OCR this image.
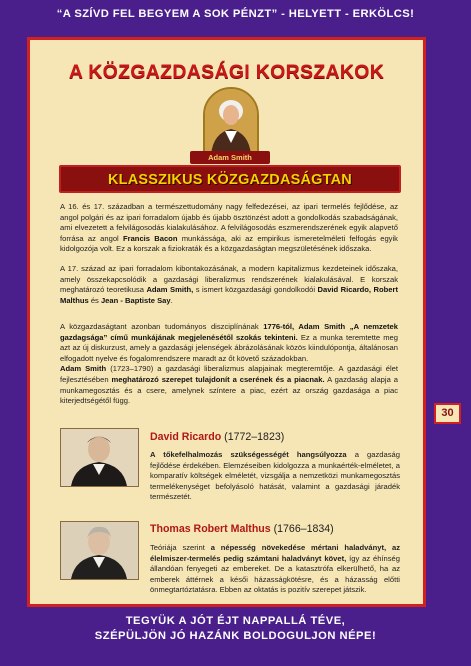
“A SZÍVD FEL BEGYEM A SOK PÉNZT” - HELYETT - ERKÖLCS!
A KÖZGAZDASÁGI KORSZAKOK
Adam Smith
KLASSZIKUS KÖZGAZDASÁGTAN
A 16. és 17. században a természettudomány nagy felfedezései, az ipari termelés fejlődése, az angol polgári és az ipari forradalom újabb és újabb ösztönzést adott a gondolkodás szabadságának, ami elvezetett a felvilágosodás kialakulásához. A felvilágosodás eszmerendszerének egyik alapvető forrása az angol Francis Bacon munkássága, aki az empirikus ismeretelméleti felfogás egyik kidolgozója volt. Ez a korszak a fiziokraták és a közgazdaságtan megszületésének időszaka.
A 17. század az ipari forradalom kibontakozásának, a modern kapitalizmus kezdeteinek időszaka, amely összekapcsolódik a gazdasági liberalizmus rendszerének kialakulásával. E korszak meghatározó teoretikusa Adam Smith, s ismert közgazdasági gondolkodói David Ricardo, Robert Malthus és Jean - Baptiste Say.
A közgazdaságtant azonban tudományos diszciplínának 1776-tól, Adam Smith „A nemzetek gazdagsága” című munkájának megjelenésétől szokás tekinteni. Ez a munka teremtette meg azt az új diskurzust, amely a gazdasági jelenségek ábrázolásának közös kiindulópontja, általánosan elfogadott nyelve és fogalomrendszere maradt az őt követő századokban.
Adam Smith (1723–1790) a gazdasági liberalizmus alapjainak megteremtője. A gazdasági élet fejlesztésében meghatározó szerepet tulajdonít a cserének és a piacnak. A gazdaság alapja a munkamegosztás és a csere, amelynek színtere a piac, ezért az ország gazdasága a piac kiterjedtségétől függ.
David Ricardo (1772–1823)
A tőkefelhalmozás szükségességét hangsúlyozza a gazdaság fejlődése érdekében. Elemzéseiben kidolgozza a munkaérték-elméletet, a komparatív költségek elméletét, vizsgálja a nemzetközi munkamegosztás termelékenységet befolyásoló hatását, valamint a gazdasági járadék természetét.
Thomas Robert Malthus (1766–1834)
Teóriája szerint a népesség növekedése mértani haladványt, az élelmiszer-termelés pedig számtani haladványt követ, így az éhínség állandóan fenyegeti az embereket. De a katasztrófa elkerülhető, ha az emberek áttérnek a késői házasságkötésre, és a házasság előtti önmegtartóztatásra. Ebben az oktatás is pozitív szerepet játszik.
30
TEGYÜK A JÓT ÉJT NAPPALLÁ TÉVE,
SZÉPÜLJÖN JÓ HAZÁNK BOLDOGULJON NÉPE!
